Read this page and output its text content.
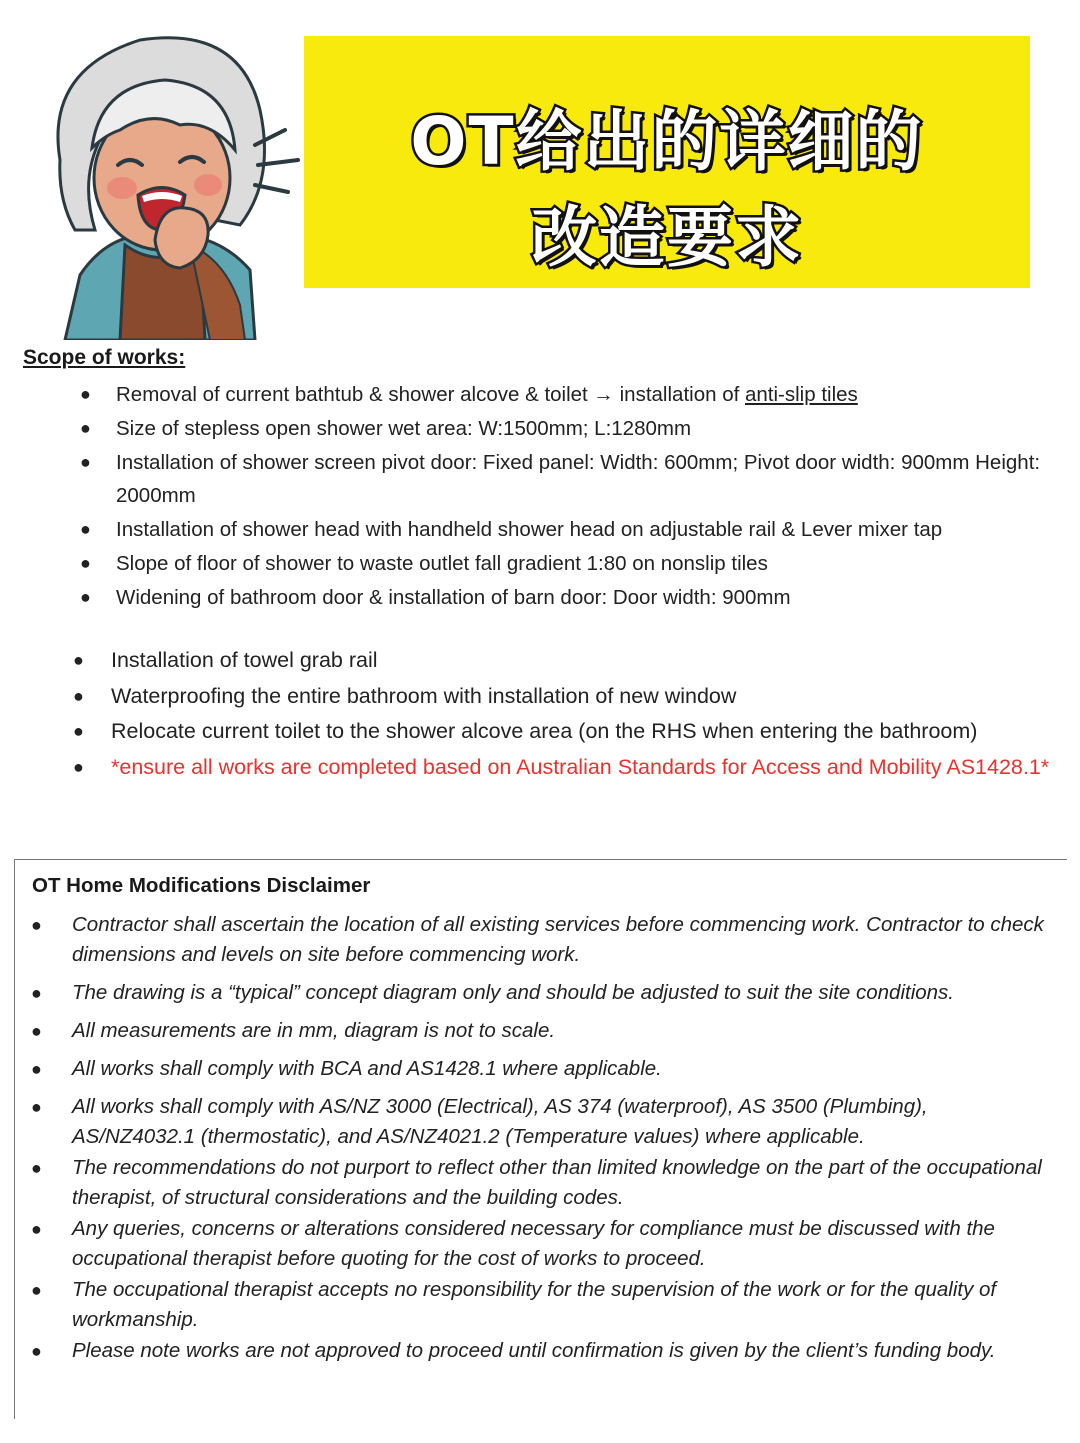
OT给出的详细的
改造要求
Scope of works:
● Removal of current bathtub & shower alcove & toilet → installation of anti-slip tiles
● Size of stepless open shower wet area: W:1500mm; L:1280mm
● Installation of shower screen pivot door: Fixed panel: Width: 600mm; Pivot door width: 900mm Height: 2000mm
● Installation of shower head with handheld shower head on adjustable rail & Lever mixer tap
● Slope of floor of shower to waste outlet fall gradient 1:80 on nonslip tiles
● Widening of bathroom door & installation of barn door: Door width: 900mm
● Installation of towel grab rail
● Waterproofing the entire bathroom with installation of new window
● Relocate current toilet to the shower alcove area (on the RHS when entering the bathroom)
● *ensure all works are completed based on Australian Standards for Access and Mobility AS1428.1*
OT Home Modifications Disclaimer
● Contractor shall ascertain the location of all existing services before commencing work. Contractor to check dimensions and levels on site before commencing work.
● The drawing is a “typical” concept diagram only and should be adjusted to suit the site conditions.
● All measurements are in mm, diagram is not to scale.
● All works shall comply with BCA and AS1428.1 where applicable.
● All works shall comply with AS/NZ 3000 (Electrical), AS 374 (waterproof), AS 3500 (Plumbing), AS/NZ4032.1 (thermostatic), and AS/NZ4021.2 (Temperature values) where applicable.
● The recommendations do not purport to reflect other than limited knowledge on the part of the occupational therapist, of structural considerations and the building codes.
● Any queries, concerns or alterations considered necessary for compliance must be discussed with the occupational therapist before quoting for the cost of works to proceed.
● The occupational therapist accepts no responsibility for the supervision of the work or for the quality of workmanship.
● Please note works are not approved to proceed until confirmation is given by the client’s funding body.
